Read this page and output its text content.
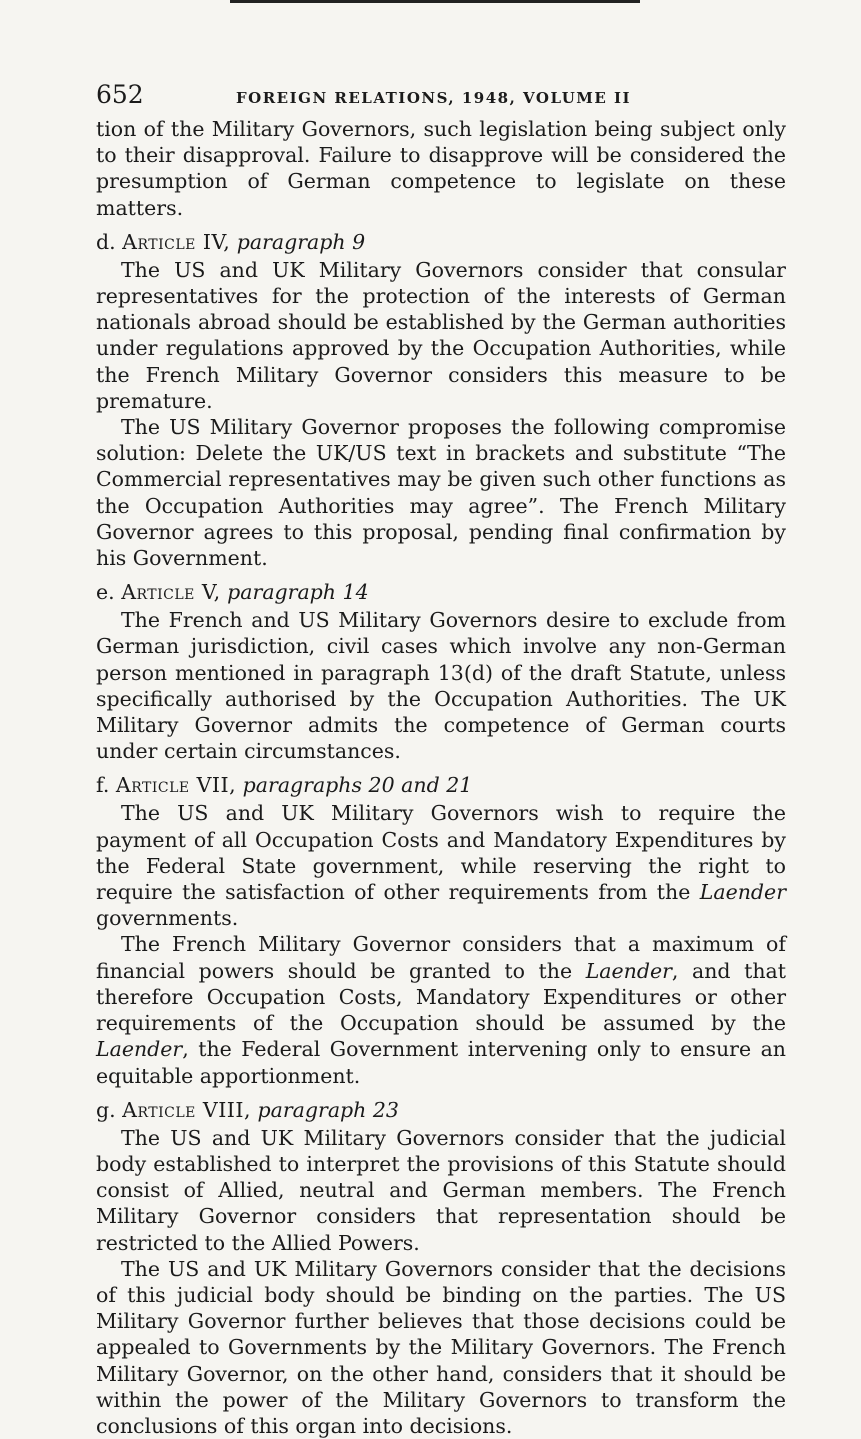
652	FOREIGN RELATIONS, 1948, VOLUME II

tion of the Military Governors, such legislation being subject only to their disapproval. Failure to disapprove will be considered the presumption of German competence to legislate on these matters.

d. Article IV, paragraph 9

The US and UK Military Governors consider that consular representatives for the protection of the interests of German nationals abroad should be established by the German authorities under regulations approved by the Occupation Authorities, while the French Military Governor considers this measure to be premature.

The US Military Governor proposes the following compromise solution: Delete the UK/US text in brackets and substitute “The Commercial representatives may be given such other functions as the Occupation Authorities may agree”. The French Military Governor agrees to this proposal, pending final confirmation by his Government.

e. Article V, paragraph 14

The French and US Military Governors desire to exclude from German jurisdiction, civil cases which involve any non-German person mentioned in paragraph 13(d) of the draft Statute, unless specifically authorised by the Occupation Authorities. The UK Military Governor admits the competence of German courts under certain circumstances.

f. Article VII, paragraphs 20 and 21

The US and UK Military Governors wish to require the payment of all Occupation Costs and Mandatory Expenditures by the Federal State government, while reserving the right to require the satisfaction of other requirements from the Laender governments.

The French Military Governor considers that a maximum of financial powers should be granted to the Laender, and that therefore Occupation Costs, Mandatory Expenditures or other requirements of the Occupation should be assumed by the Laender, the Federal Government intervening only to ensure an equitable apportionment.

g. Article VIII, paragraph 23

The US and UK Military Governors consider that the judicial body established to interpret the provisions of this Statute should consist of Allied, neutral and German members. The French Military Governor considers that representation should be restricted to the Allied Powers.

The US and UK Military Governors consider that the decisions of this judicial body should be binding on the parties. The US Military Governor further believes that those decisions could be appealed to Governments by the Military Governors. The French Military Governor, on the other hand, considers that it should be within the power of the Military Governors to transform the conclusions of this organ into decisions.
